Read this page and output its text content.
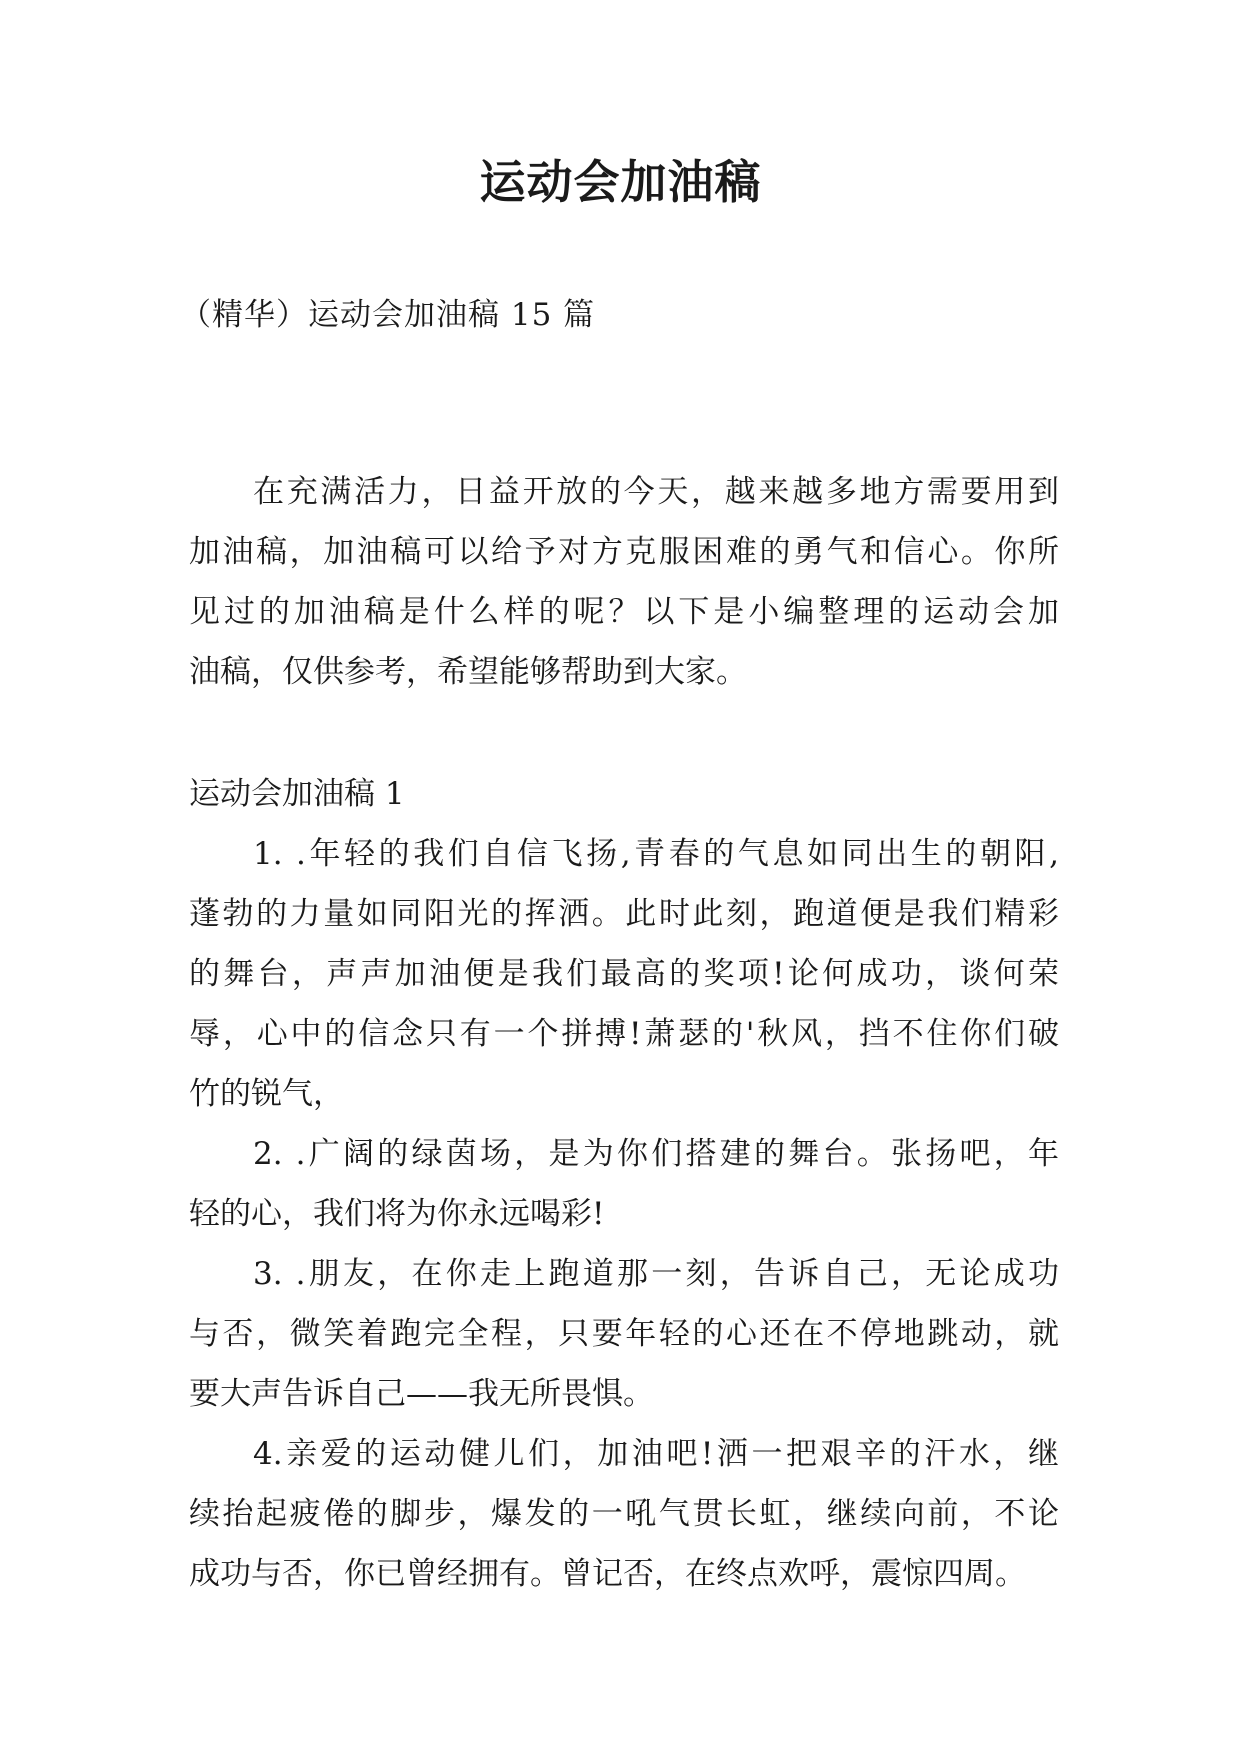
运动会加油稿
（精华）运动会加油稿 15 篇
在充满活力，日益开放的今天，越来越多地方需要用到
加油稿，加油稿可以给予对方克服困难的勇气和信心。你所
见过的加油稿是什么样的呢？以下是小编整理的运动会加
油稿，仅供参考，希望能够帮助到大家。
运动会加油稿 1
1. .年轻的我们自信飞扬,青春的气息如同出生的朝阳,
蓬勃的力量如同阳光的挥洒。此时此刻，跑道便是我们精彩
的舞台，声声加油便是我们最高的奖项!论何成功，谈何荣
辱，心中的信念只有一个拼搏!萧瑟的'秋风，挡不住你们破
竹的锐气，
2. .广阔的绿茵场，是为你们搭建的舞台。张扬吧，年
轻的心，我们将为你永远喝彩!
3. .朋友，在你走上跑道那一刻，告诉自己，无论成功
与否，微笑着跑完全程，只要年轻的心还在不停地跳动，就
要大声告诉自己——我无所畏惧。
4.亲爱的运动健儿们，加油吧!洒一把艰辛的汗水，继
续抬起疲倦的脚步，爆发的一吼气贯长虹，继续向前，不论
成功与否，你已曾经拥有。曾记否，在终点欢呼，震惊四周。
